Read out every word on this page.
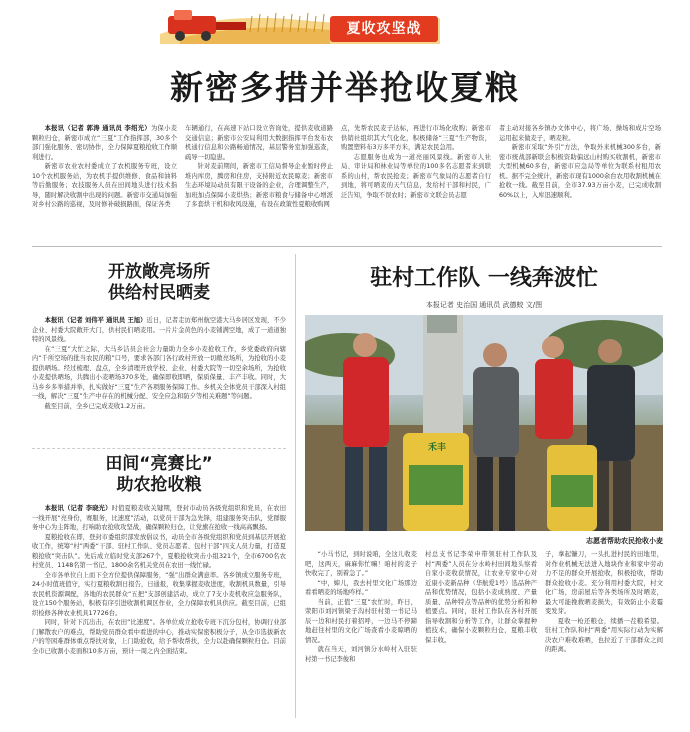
夏收攻坚战
新密多措并举抢收夏粮

本报讯（记者 郭涛 通讯员 李绍光）为保小麦颗粒归仓，新密市成立“三夏”工作指挥部，30多个部门强化服务、密切协作，全力保障夏粮抢收工作顺利进行。

新密市农业农村委成立了农机服务专班，设立10个农机服务站，为农机手提供维修、食品和油料等后勤服务；农技服务人员在田间地头进行技术指导，随时解决收割中出现的问题。新密市交通局加强对乡村公路的巡视，及时修补破损路面，保证各类

车辆通行，在高速下站口设立咨询处，提供麦收道路交通信息；新密市公安局利用大数据指挥平台发布农机通行信息和公路畅通情况，基层警务室加强巡查，疏导一切隐患。

针对麦前期间，新密市工信局督导企业暂时停止堆内库房，腾房和住房，支持附近农民晾麦；新密市生态环境局动员有限干设备的企业，合理调整生产，加班加点保障小麦烘热；新密市粮食与储备中心增派了多套烘干机和收风设施，布设在政策性夏粮收购网

点，先帮农民麦子达标，再进行市场化收购；新密市供销社组织其大气化化，积极储备“三夏”生产物资，购置塑料布3万多平方米，满足农民急用。

志愿服务也成为一道亮丽风景线。新密市人社局、审计局和林业局等单位的100多名志愿者来到联系的山村，帮农民抢麦；新密市气象局的志愿者自行到地，将可晒麦的天气信息，发给村干部和村民，广泛告知，争取不误农时；新密市文联会员志愿

者主动对接各乡镇办文体中心，将广场、操场和成片空场运用起来做麦子，晒麦粒。

新密市采取“外引”方法，争取外来机械300多台，新密市统战部新联会积极资助偏远山村购买收割机，新密市大型机械60多台，新密市应急局等单位为联系村租用农机。据不完全统计，新密市现有1000余台农用收割机械在抢收一线。截至目前，全市37.93万亩小麦，已完成收割60%以上，入库迅速顺利。

开放敞亮场所
供给村民晒麦

本报讯（记者 刘伟平 通讯员 王旭）近日，记者走访郑州航空港大马乡居区发现，不少企业、村委大院敞开大门，供村民们晒麦用。一片片金黄色的小麦铺满空地，成了一道道独特的风景线。

在“三夏”大忙之际，大马乡洁员会社会力量助力全乡小麦抢收工作，乡党委政府向辖内“千所空场的批当农民的粮”口号，要求各部门各行政村开放一切敞亮场所，为抢收的小麦提供晒场。经过梳理、盘点，全乡清理开放学校、企业、村委大院等一切空余场所，为抢收小麦提供晒场，共腾出小麦晒场370多处，确保即收即晒，保质保量、丰产丰收。同时，大马乡乡多举措并举，扎实做好“三夏”生产各项服务保障工作。乡机关全体党员干部深入村组一线，解决“三夏”生产中存在的机械分配、安全应急和防夕等相关难题”等问题。

截至目前，全乡已完成麦收1.2万亩。

田间“亮赛比”
助农抢收粮

本报讯（记者 李晓光）时值夏粮麦收关键期，登封市动员各级党组织和党员，在农田一线开展“亮身份，赛服务，比速度”活动，以党员干部为急先锋，组建服务突击队，党群服务中心为主阵地，打响助农抢收攻坚战，确保颗粒归仓，让党旗在抢收一线高高飘扬。

夏粮抢收在即，登封市委组织部发放倡议书，动员全市各级党组织和党员到基层开展抢收工作，统筹“村”两委“干部、驻村工作队、党员志愿者、包村干部”四支人员力量，打造夏粮抢收“突击队”。先后成立临时党支部267个，夏粮抢收突击小组321个，全市6700名农村党员、1148名第一书记、1800余名机关党员在农田一线忙碌。

全市各单位自上而下全方位提供保障服务，“强”出群众满意率。各乡镇成立服务专班，24小时值班值守，实行夏粮收割日报告，日通报，收集掌握麦收进度，收割机具数量，引导农民机资源调配，各地的农民群众“五把”支部创建活动，成立了7支小麦机收应急服务队，设立150个服务站，积极有序引进收割机调区作业，全力保障农机具供应。截至目前，已组织检修各种农业机具17726台。

同时，针对下沉出击，在农田“比速度”。各单位成立抢收专班下沉分包村，协调行业部门解散农户的难点，帮助党员群众看中看进的中心，推动实保密积极分子，从全市选拔新农户的等困难群体重点帮扶对象，上门助抢收，给予帮收帮扶，全力以赴确保颗粒归仓。目前全市已收割小麦面积10多万亩，预计一周之内全面结束。

驻村工作队 一线奔波忙
本报记者 史治国 通讯员 武德蛟 文/图
禾丰
志愿者帮助农民抢收小麦

“小马书记，到时说咱，全这儿收麦吧，这两天，麻麻你忙嘛！咱村的麦子快收完了，别着急了。”

“中，婶儿，我去村里文化广场那边看看晒麦的场地咋样。”

当前，正值“三夏”农忙时，昨日，荥阳市刘河镇梁子沟村驻村第一书记马辰一边和村民打着招呼，一边马不停蹄地赶往村里的文化广场查看小麦晾晒的情况。

就在当天，刘河镇分水岭村入驻驻村第一书记李俊和

村总支书记李荣申带领驻村工作队及村“两委”人员在分水岭村田间地头察看自家小麦收获情况，让农业专家中心对近康小麦新品种（华航爱1号）选品种产品和优势情况，包括小麦成熟度、产量质量、品种特点等品种的优势分析和种植要点。同时，驻村工作队在各村开展指导收割和分析等工作，让群众掌握种植技术，确保小麦颗粒归仓，夏粮丰收保丰收。

子，拿起镰刀，一头扎进村民的田地里，对作业机械无法进入地块作业和家中劳动力不足的群众开展抢收，积极抢收，帮助群众抢收小麦。充分利用村委大院，村文化广场，房前屋后等各类场所及时晒麦，最大可能挽救晒麦损失，有效防止小麦霉变发芽。

夏收一枪还粮仓，续播一茬粮希望。驻村工作队和村“两委”用实际行动为实解决农户难收难晒，也拉近了干部群众之间的距离。
